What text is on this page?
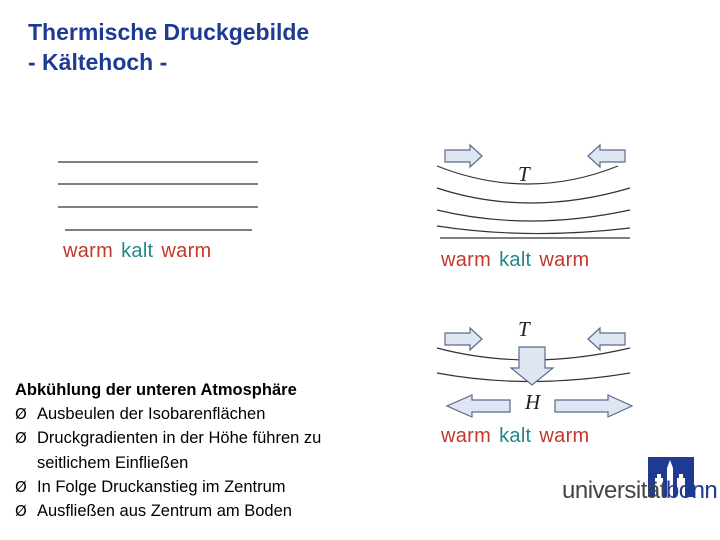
Thermische Druckgebilde
- Kältehoch -
T
T
H
warm kalt warm	warm kalt warm
warm kalt warm
Abkühlung der unteren Atmosphäre
Ø Ausbeulen der Isobarenflächen
Ø Druckgradienten in der Höhe führen zu
seitlichem Einfließen
Ø In Folge Druckanstieg im Zentrum
Ø Ausfließen aus Zentrum am Boden
universitätbonn
